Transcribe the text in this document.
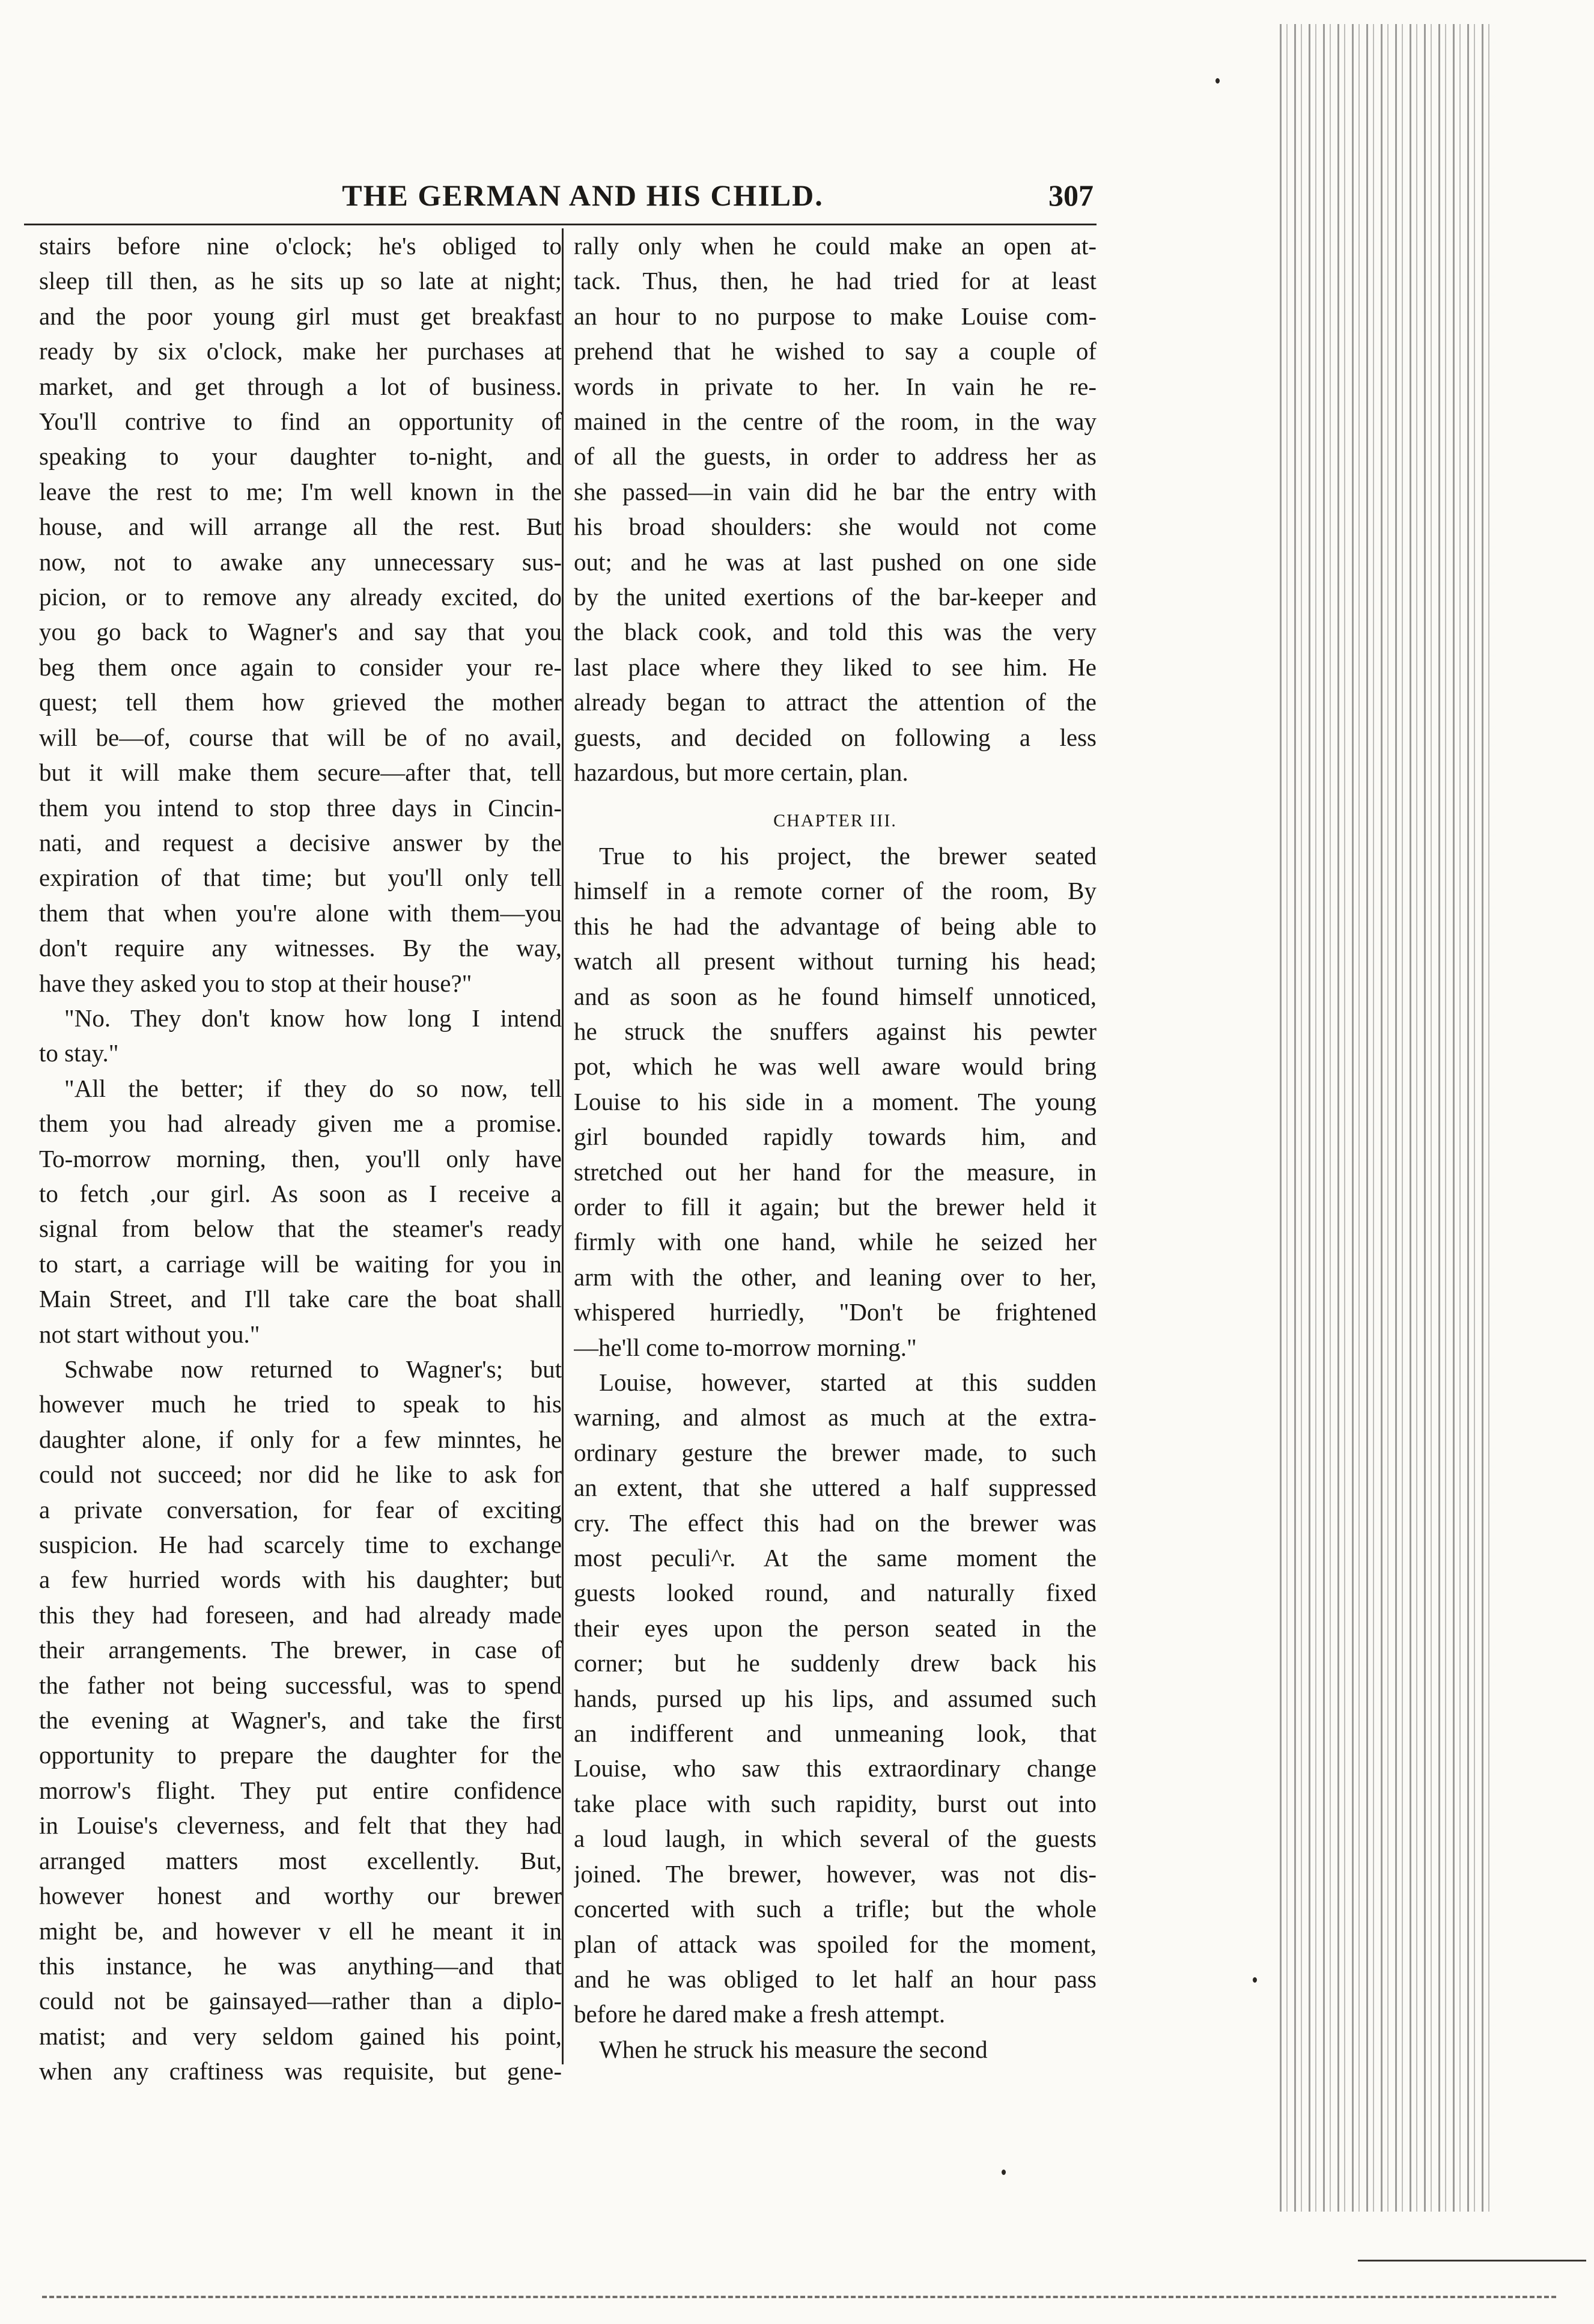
THE GERMAN AND HIS CHILD.	307
stairs before nine o'clock; he's obliged to
sleep till then, as he sits up so late at night;
and the poor young girl must get breakfast
ready by six o'clock, make her purchases at
market, and get through a lot of business.
You'll contrive to find an opportunity of
speaking to your daughter to-night, and
leave the rest to me; I'm well known in the
house, and will arrange all the rest. But
now, not to awake any unnecessary sus-
picion, or to remove any already excited, do
you go back to Wagner's and say that you
beg them once again to consider your re-
quest; tell them how grieved the mother
will be—of, course that will be of no avail,
but it will make them secure—after that, tell
them you intend to stop three days in Cincin-
nati, and request a decisive answer by the
expiration of that time; but you'll only tell
them that when you're alone with them—you
don't require any witnesses. By the way,
have they asked you to stop at their house?"
"No. They don't know how long I intend
to stay."
"All the better; if they do so now, tell
them you had already given me a promise.
To-morrow morning, then, you'll only have
to fetch ,our girl. As soon as I receive a
signal from below that the steamer's ready
to start, a carriage will be waiting for you in
Main Street, and I'll take care the boat shall
not start without you."
Schwabe now returned to Wagner's; but
however much he tried to speak to his
daughter alone, if only for a few minntes, he
could not succeed; nor did he like to ask for
a private conversation, for fear of exciting
suspicion. He had scarcely time to exchange
a few hurried words with his daughter; but
this they had foreseen, and had already made
their arrangements. The brewer, in case of
the father not being successful, was to spend
the evening at Wagner's, and take the first
opportunity to prepare the daughter for the
morrow's flight. They put entire confidence
in Louise's cleverness, and felt that they had
arranged matters most excellently. But,
however honest and worthy our brewer
might be, and however v ell he meant it in
this instance, he was anything—and that
could not be gainsayed—rather than a diplo-
matist; and very seldom gained his point,
when any craftiness was requisite, but gene-
rally only when he could make an open at-
tack. Thus, then, he had tried for at least
an hour to no purpose to make Louise com-
prehend that he wished to say a couple of
words in private to her. In vain he re-
mained in the centre of the room, in the way
of all the guests, in order to address her as
she passed—in vain did he bar the entry with
his broad shoulders: she would not come
out; and he was at last pushed on one side
by the united exertions of the bar-keeper and
the black cook, and told this was the very
last place where they liked to see him. He
already began to attract the attention of the
guests, and decided on following a less
hazardous, but more certain, plan.
CHAPTER III.
True to his project, the brewer seated
himself in a remote corner of the room, By
this he had the advantage of being able to
watch all present without turning his head;
and as soon as he found himself unnoticed,
he struck the snuffers against his pewter
pot, which he was well aware would bring
Louise to his side in a moment. The young
girl bounded rapidly towards him, and
stretched out her hand for the measure, in
order to fill it again; but the brewer held it
firmly with one hand, while he seized her
arm with the other, and leaning over to her,
whispered hurriedly, "Don't be frightened
—he'll come to-morrow morning."
Louise, however, started at this sudden
warning, and almost as much at the extra-
ordinary gesture the brewer made, to such
an extent, that she uttered a half suppressed
cry. The effect this had on the brewer was
most peculi^r. At the same moment the
guests looked round, and naturally fixed
their eyes upon the person seated in the
corner; but he suddenly drew back his
hands, pursed up his lips, and assumed such
an indifferent and unmeaning look, that
Louise, who saw this extraordinary change
take place with such rapidity, burst out into
a loud laugh, in which several of the guests
joined. The brewer, however, was not dis-
concerted with such a trifle; but the whole
plan of attack was spoiled for the moment,
and he was obliged to let half an hour pass
before he dared make a fresh attempt.
When he struck his measure the second
